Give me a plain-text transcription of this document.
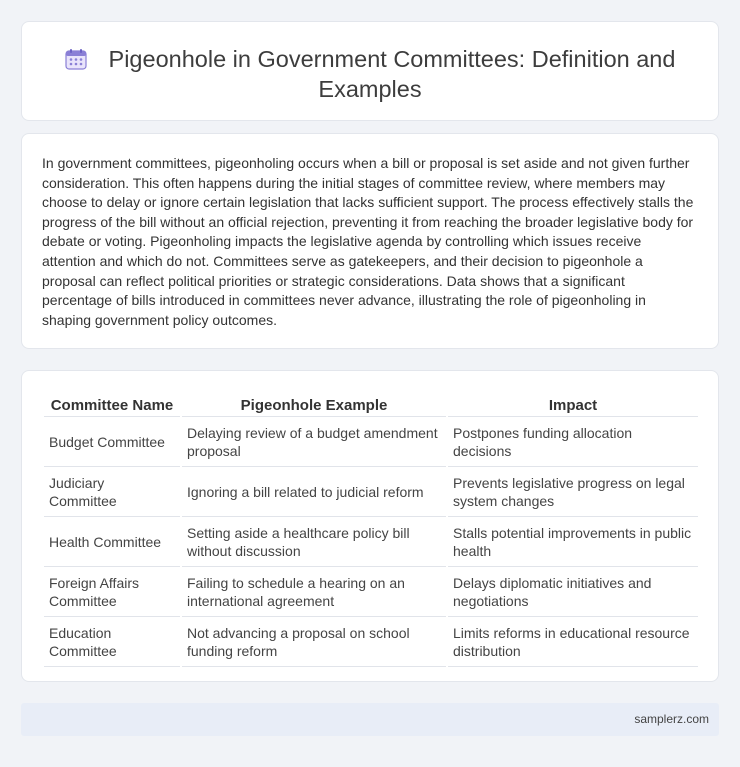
Pigeonhole in Government Committees: Definition and Examples
In government committees, pigeonholing occurs when a bill or proposal is set aside and not given further consideration. This often happens during the initial stages of committee review, where members may choose to delay or ignore certain legislation that lacks sufficient support. The process effectively stalls the progress of the bill without an official rejection, preventing it from reaching the broader legislative body for debate or voting. Pigeonholing impacts the legislative agenda by controlling which issues receive attention and which do not. Committees serve as gatekeepers, and their decision to pigeonhole a proposal can reflect political priorities or strategic considerations. Data shows that a significant percentage of bills introduced in committees never advance, illustrating the role of pigeonholing in shaping government policy outcomes.
Committee Name	Pigeonhole Example	Impact
Budget Committee	Delaying review of a budget amendment proposal	Postpones funding allocation decisions
Judiciary Committee	Ignoring a bill related to judicial reform	Prevents legislative progress on legal system changes
Health Committee	Setting aside a healthcare policy bill without discussion	Stalls potential improvements in public health
Foreign Affairs Committee	Failing to schedule a hearing on an international agreement	Delays diplomatic initiatives and negotiations
Education Committee	Not advancing a proposal on school funding reform	Limits reforms in educational resource distribution
samplerz.com
